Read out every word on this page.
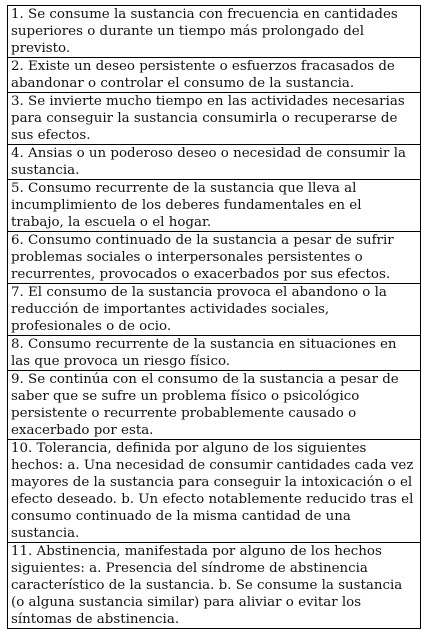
1. Se consume la sustancia con frecuencia en cantidades superiores o durante un tiempo más prolongado del previsto.
2. Existe un deseo persistente o esfuerzos fracasados de abandonar o controlar el consumo de la sustancia.
3. Se invierte mucho tiempo en las actividades necesarias para conseguir la sustancia consumirla o recuperarse de sus efectos.
4. Ansias o un poderoso deseo o necesidad de consumir la sustancia.
5. Consumo recurrente de la sustancia que lleva al incumplimiento de los deberes fundamentales en el trabajo, la escuela o el hogar.
6. Consumo continuado de la sustancia a pesar de sufrir problemas sociales o interpersonales persistentes o recurrentes, provocados o exacerbados por sus efectos.
7. El consumo de la sustancia provoca el abandono o la reducción de importantes actividades sociales, profesionales o de ocio.
8. Consumo recurrente de la sustancia en situaciones en las que provoca un riesgo físico.
9. Se continúa con el consumo de la sustancia a pesar de saber que se sufre un problema físico o psicológico persistente o recurrente probablemente causado o exacerbado por esta.
10. Tolerancia, definida por alguno de los siguientes hechos: a. Una necesidad de consumir cantidades cada vez mayores de la sustancia para conseguir la intoxicación o el efecto deseado. b. Un efecto notablemente reducido tras el consumo continuado de la misma cantidad de una sustancia.
11. Abstinencia, manifestada por alguno de los hechos siguientes: a. Presencia del síndrome de abstinencia característico de la sustancia. b. Se consume la sustancia (o alguna sustancia similar) para aliviar o evitar los síntomas de abstinencia.
